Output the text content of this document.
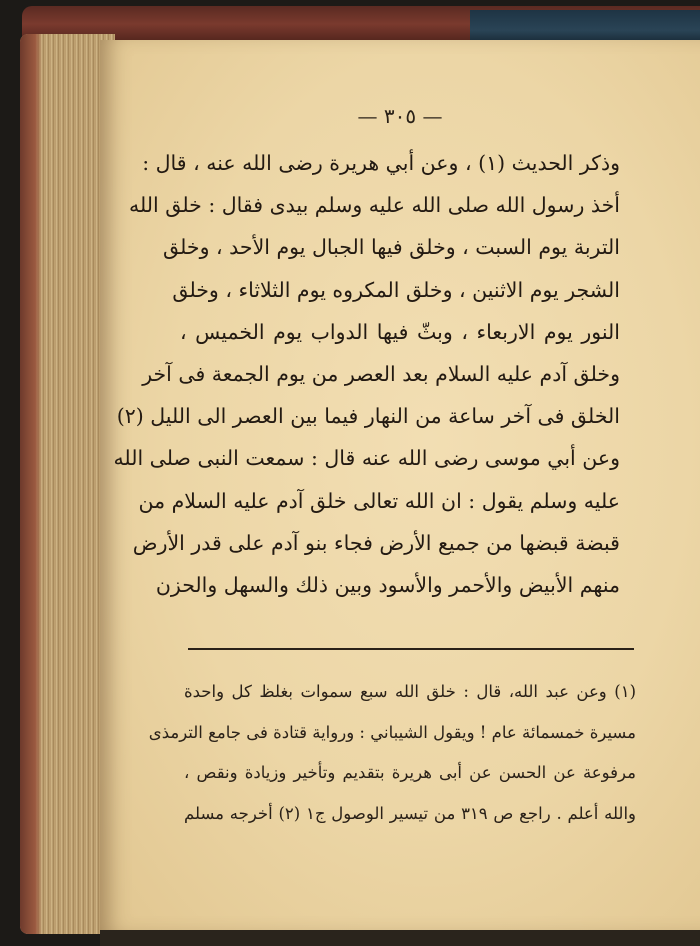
— ٣٠٥ —
وذكر الحديث (١) ، وعن أبي هريرة رضى الله عنه ، قال :
أخذ رسول الله صلى الله عليه وسلم بيدى فقال : خلق الله
التربة يوم السبت ، وخلق فيها الجبال يوم الأحد ، وخلق
الشجر يوم الاثنين ، وخلق المكروه يوم الثلاثاء ، وخلق
النور يوم الاربعاء ، وبثّ فيها الدواب يوم الخميس ،
وخلق آدم عليه السلام بعد العصر من يوم الجمعة فى آخر
الخلق فى آخر ساعة من النهار فيما بين العصر الى الليل (٢)
وعن أبي موسى رضى الله عنه قال : سمعت النبى صلى الله
عليه وسلم يقول : ان الله تعالى خلق آدم عليه السلام من
قبضة قبضها من جميع الأرض فجاء بنو آدم على قدر الأرض
منهم الأبيض والأحمر والأسود وبين ذلك والسهل والحزن
(١) وعن عبد الله، قال : خلق الله سبع سموات بغلظ كل واحدة
مسيرة خمسمائة عام ! ويقول الشيباني : ورواية قتادة فى جامع الترمذى
مرفوعة عن الحسن عن أبى هريرة بتقديم وتأخير وزيادة ونقص ،
والله أعلم . راجع ص ٣١٩ من تيسير الوصول ج١ (٢) أخرجه مسلم
